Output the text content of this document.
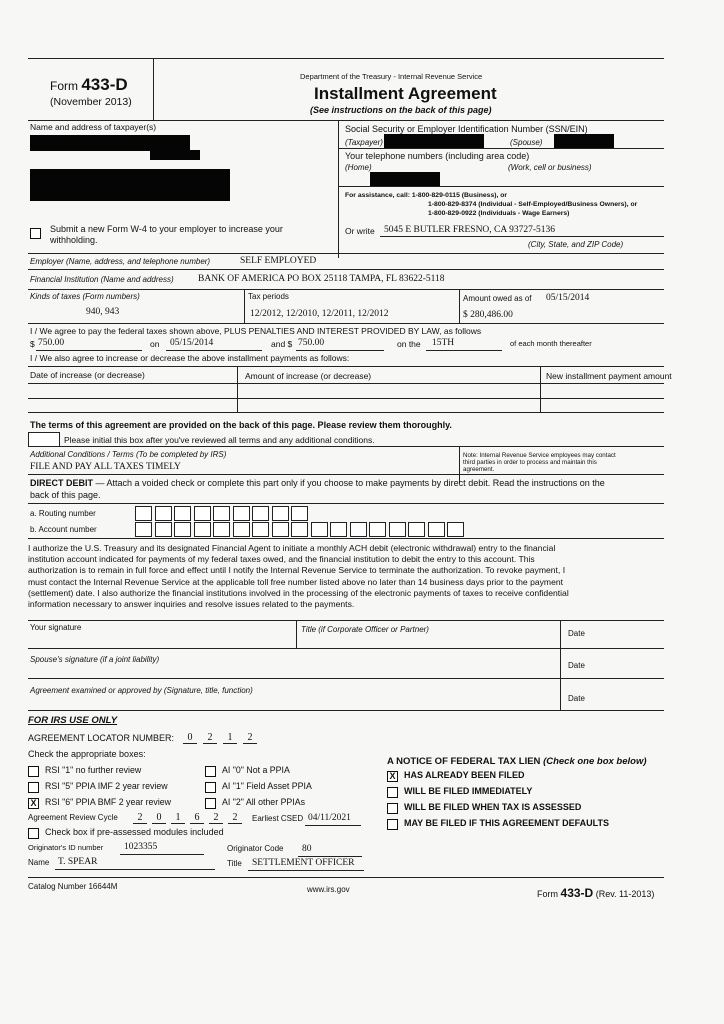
Form 433-D
(November 2013)
Department of the Treasury - Internal Revenue Service
Installment Agreement
(See instructions on the back of this page)
Name and address of taxpayer(s)	Social Security or Employer Identification Number (SSN/EIN)
(Taxpayer)	(Spouse)
Your telephone numbers (including area code)
(Home)	(Work, cell or business)
For assistance, call: 1-800-829-0115 (Business), or
1-800-829-8374 (Individual - Self-Employed/Business Owners), or
1-800-829-0922 (Individuals - Wage Earners)
Or write 5045 E BUTLER FRESNO, CA 93727-5136
(City, State, and ZIP Code)
Submit a new Form W-4 to your employer to increase your
withholding.
Employer (Name, address, and telephone number)	SELF EMPLOYED
Financial Institution (Name and address)	BANK OF AMERICA PO BOX 25118 TAMPA, FL 83622-5118
Kinds of taxes (Form numbers)
940, 943
Tax periods
12/2012, 12/2010, 12/2011, 12/2012
Amount owed as of 05/15/2014
$ 280,486.00
I / We agree to pay the federal taxes shown above, PLUS PENALTIES AND INTEREST PROVIDED BY LAW, as follows
$ 750.00	on 05/15/2014	and $ 750.00	on the 15TH	of each month thereafter
I / We also agree to increase or decrease the above installment payments as follows:
Date of increase (or decrease)	Amount of increase (or decrease)	New installment payment amount
The terms of this agreement are provided on the back of this page. Please review them thoroughly.
Please initial this box after you've reviewed all terms and any additional conditions.
Additional Conditions / Terms (To be completed by IRS)
FILE AND PAY ALL TAXES TIMELY
Note: Internal Revenue Service employees may contact
third parties in order to process and maintain this
agreement.
DIRECT DEBIT — Attach a voided check or complete this part only if you choose to make payments by direct debit. Read the instructions on the
back of this page.
a. Routing number
b. Account number
I authorize the U.S. Treasury and its designated Financial Agent to initiate a monthly ACH debit (electronic withdrawal) entry to the financial
institution account indicated for payments of my federal taxes owed, and the financial institution to debit the entry to this account. This
authorization is to remain in full force and effect until I notify the Internal Revenue Service to terminate the authorization. To revoke payment, I
must contact the Internal Revenue Service at the applicable toll free number listed above no later than 14 business days prior to the payment
(settlement) date. I also authorize the financial institutions involved in the processing of the electronic payments of taxes to receive confidential
information necessary to answer inquiries and resolve issues related to the payments.
Your signature	Title (if Corporate Officer or Partner)	Date
Spouse's signature (if a joint liability)
Date
Agreement examined or approved by (Signature, title, function)
Date
FOR IRS USE ONLY
AGREEMENT LOCATOR NUMBER:	0	2	1	2
Check the appropriate boxes:
RSI "1" no further review
RSI "5" PPIA IMF 2 year review
X RSI "6" PPIA BMF 2 year review
AI "0" Not a PPIA
AI "1" Field Asset PPIA
AI "2" All other PPIAs
A NOTICE OF FEDERAL TAX LIEN (Check one box below)
X HAS ALREADY BEEN FILED
WILL BE FILED IMMEDIATELY
WILL BE FILED WHEN TAX IS ASSESSED
MAY BE FILED IF THIS AGREEMENT DEFAULTS
Agreement Review Cycle	2	0	1	6	2	2	Earliest CSED 04/11/2021
Check box if pre-assessed modules included
Originator's ID number 1023355	Originator Code 80
Name T. SPEAR	Title SETTLEMENT OFFICER
Catalog Number 16644M	www.irs.gov	Form 433-D (Rev. 11-2013)
